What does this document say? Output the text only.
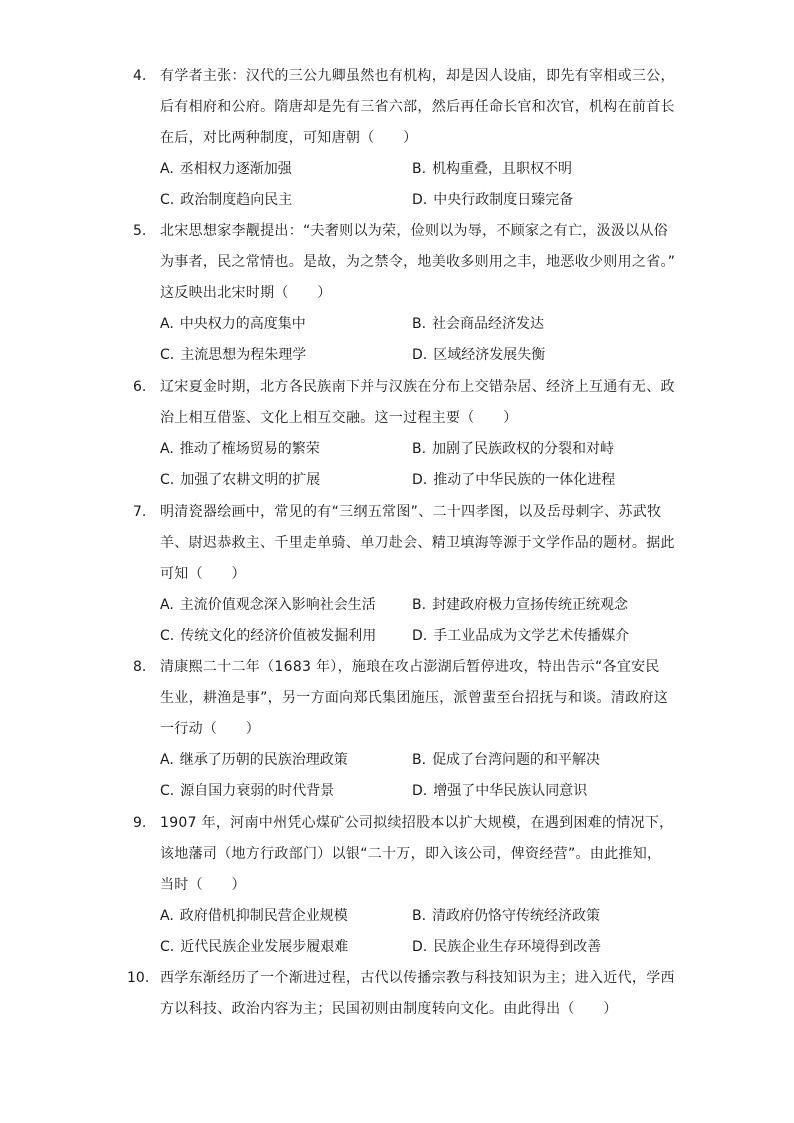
4. 有学者主张：汉代的三公九卿虽然也有机构，却是因人设庙，即先有宰相或三公，
后有相府和公府。隋唐却是先有三省六部，然后再任命长官和次官，机构在前首长
在后，对比两种制度，可知唐朝（　　）
A. 丞相权力逐渐加强	B. 机构重叠，且职权不明
C. 政治制度趋向民主	D. 中央行政制度日臻完备
5. 北宋思想家李觏提出：“夫奢则以为荣，俭则以为辱，不顾家之有亡，汲汲以从俗
为事者，民之常情也。是故，为之禁令，地美收多则用之丰，地恶收少则用之省。”
这反映出北宋时期（　　）
A. 中央权力的高度集中	B. 社会商品经济发达
C. 主流思想为程朱理学	D. 区域经济发展失衡
6. 辽宋夏金时期，北方各民族南下并与汉族在分布上交错杂居、经济上互通有无、政
治上相互借鉴、文化上相互交融。这一过程主要（　　）
A. 推动了榷场贸易的繁荣	B. 加剧了民族政权的分裂和对峙
C. 加强了农耕文明的扩展	D. 推动了中华民族的一体化进程
7. 明清瓷器绘画中，常见的有“三纲五常图”、二十四孝图，以及岳母刺字、苏武牧
羊、尉迟恭救主、千里走单骑、单刀赴会、精卫填海等源于文学作品的题材。据此
可知（　　）
A. 主流价值观念深入影响社会生活	B. 封建政府极力宣扬传统正统观念
C. 传统文化的经济价值被发掘利用	D. 手工业品成为文学艺术传播媒介
8. 清康熙二十二年（1683 年），施琅在攻占澎湖后暂停进攻，特出告示“各宜安民
生业，耕渔是事”，另一方面向郑氏集团施压，派曾蜚至台招抚与和谈。清政府这
一行动（　　）
A. 继承了历朝的民族治理政策	B. 促成了台湾问题的和平解决
C. 源自国力衰弱的时代背景	D. 增强了中华民族认同意识
9. 1907 年，河南中州凭心煤矿公司拟续招股本以扩大规模，在遇到困难的情况下，
该地藩司（地方行政部门）以银“二十万，即入该公司，俾资经营”。由此推知，
当时（　　）
A. 政府借机抑制民营企业规模	B. 清政府仍恪守传统经济政策
C. 近代民族企业发展步履艰难	D. 民族企业生存环境得到改善
10. 西学东渐经历了一个渐进过程，古代以传播宗教与科技知识为主；进入近代，学西
方以科技、政治内容为主；民国初则由制度转向文化。由此得出（　　）
